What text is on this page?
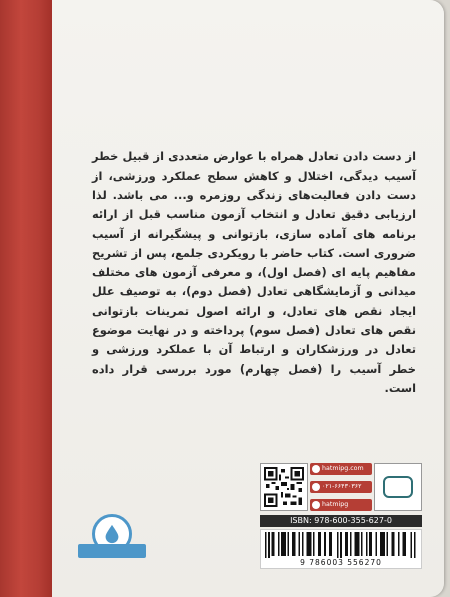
از دست دادن تعادل همراه با عوارض متعددی از قبیل خطر آسیب دیدگی، اختلال و کاهش سطح عملکرد ورزشی، از دست دادن فعالیت‌های زندگی روزمره و... می باشد. لذا ارزیابی دقیق تعادل و انتخاب آزمون مناسب قبل از ارائه برنامه های آماده سازی، بازتوانی و پیشگیرانه از آسیب ضروری است. کتاب حاضر با رویکردی جلمع، پس از تشریح مفاهیم پایه ای (فصل اول)، و معرفی آزمون های مختلف میدانی و آزمایشگاهی تعادل (فصل دوم)، به توصیف علل ایجاد نقص های تعادل، و ارائه اصول تمرینات بازتوانی نقص های تعادل (فصل سوم) پرداخته و در نهایت موضوع تعادل در ورزشکاران و ارتباط آن با عملکرد ورزشی و خطر آسیب را (فصل چهارم) مورد بررسی قرار داده است.

hatmipg.com
۰۲۱-۶۶۴۳۰۳۶۲
hatmipg
ISBN: 978-600-355-627-0
9 786003 556270
